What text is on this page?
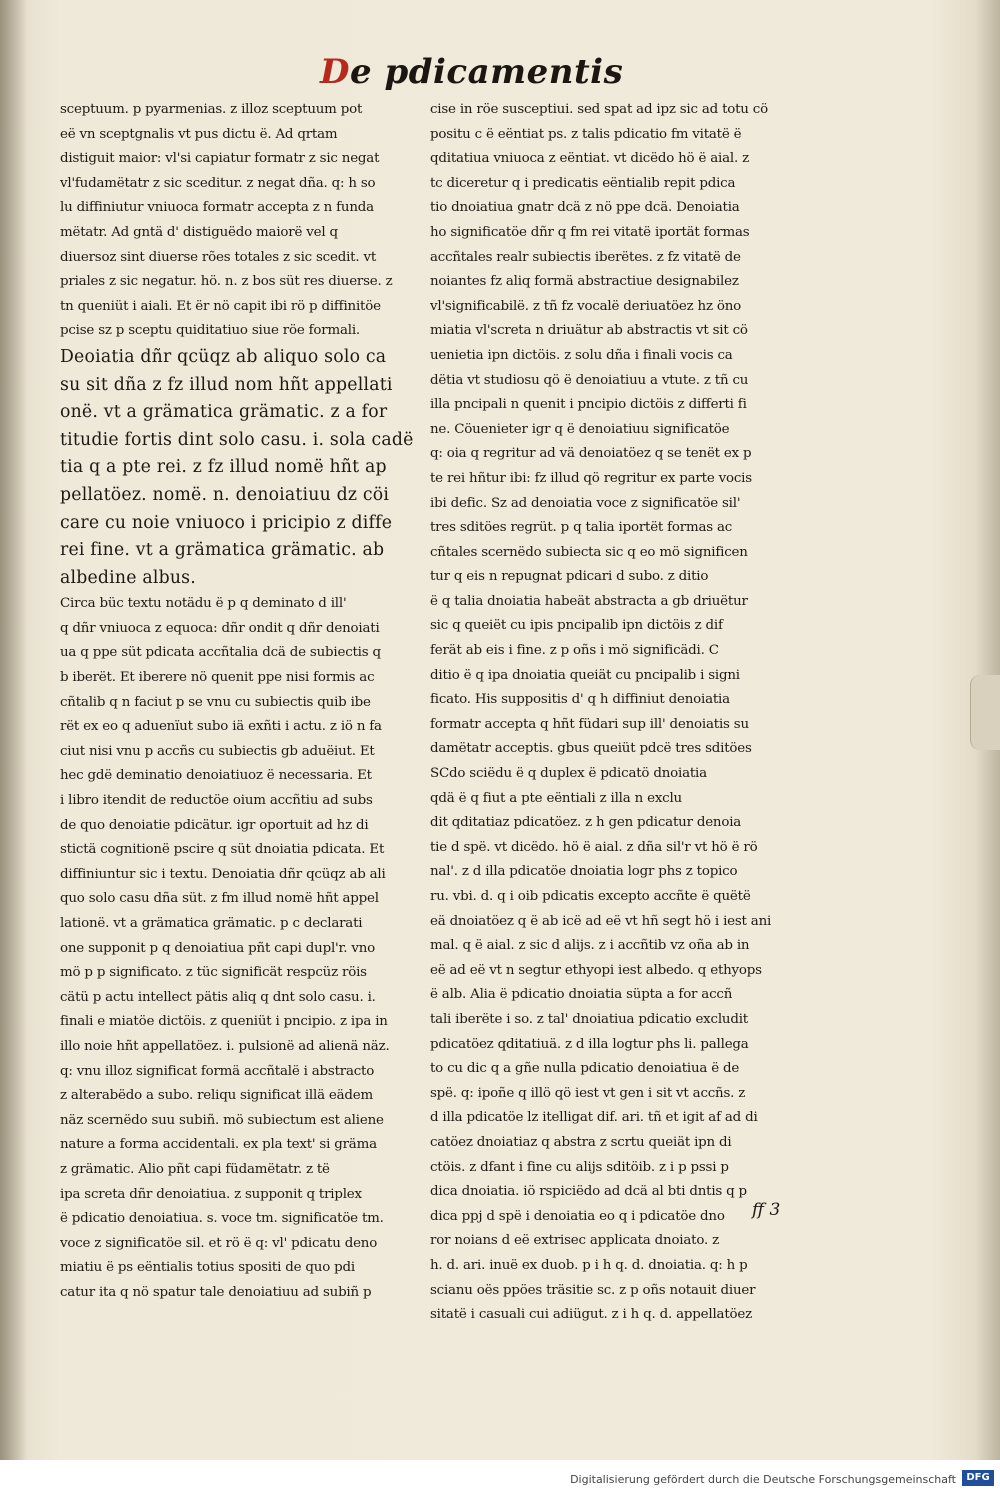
De pdicamentis
sceptuum. p pyarmenias. z illoz sceptuum pot
eë vn sceptgnalis vt pus dictu ë. Ad qrtam
distiguit maior: vl'si capiatur formatr z sic negat
vl'fudamëtatr z sic sceditur. z negat dña. q: h so
lu diffiniutur vniuoca formatr accepta z n funda
mëtatr. Ad gntä d' distiguëdo maiorë vel q
diuersoz sint diuerse rões totales z sic scedit. vt
priales z sic negatur. hö. n. z bos süt res diuerse. z
tn queniüt i aiali. Et ër nö capit ibi rö p diffinitöe
pcise sz p sceptu quiditatiuo siue röe formali.
Deoiatia dñr qcüqz ab aliquo solo ca
su sit dña z fz illud nom hñt appellati
onë. vt a grämatica grämatic. z a for
titudie fortis dint solo casu. i. sola cadë
tia q a pte rei. z fz illud nomë hñt ap
pellatöez. nomë. n. denoiatiuu dz cöi
care cu noie vniuoco i pricipio z diffe
rei fine. vt a grämatica grämatic. ab
albedine albus.
Circa büc textu notädu ë p q deminato d ill'
q dñr vniuoca z equoca: dñr ondit q dñr denoiati
ua q ppe süt pdicata accñtalia dcä de subiectis q
b iberët. Et iberere nö quenit ppe nisi formis ac
cñtalib q n faciut p se vnu cu subiectis quib ibe
rët ex eo q aduenïut subo iä exñti i actu. z iö n fa
ciut nisi vnu p accñs cu subiectis gb aduëiut. Et
hec gdë deminatio denoiatiuoz ë necessaria. Et
i libro itendit de reductöe oium accñtiu ad subs
de quo denoiatie pdicätur. igr oportuit ad hz di
stictä cognitionë pscire q süt dnoiatia pdicata. Et
diffiniuntur sic i textu. Denoiatia dñr qcüqz ab ali
quo solo casu dña süt. z fm illud nomë hñt appel
lationë. vt a grämatica grämatic. p c declarati
one supponit p q denoiatiua pñt capi dupl'r. vno
mö p p significato. z tüc significät respcüz röis
cätü p actu intellect pätis aliq q dnt solo casu. i.
finali e miatöe dictöis. z queniüt i pncipio. z ipa in
illo noie hñt appellatöez. i. pulsionë ad alienä näz.
q: vnu illoz significat formä accñtalë i abstracto
z alterabëdo a subo. reliqu significat illä eädem
näz scernëdo suu subiñ. mö subiectum est aliene
nature a forma accidentali. ex pla text' si gräma
z grämatic. Alio pñt capi füdamëtatr. z të
ipa screta dñr denoiatiua. z supponit q triplex
ë pdicatio denoiatiua. s. voce tm. significatöe tm.
voce z significatöe sil. et rö ë q: vl' pdicatu deno
miatiu ë ps eëntialis totius spositi de quo pdi
catur ita q nö spatur tale denoiatiuu ad subiñ p
cise in röe susceptiui. sed spat ad ipz sic ad totu cö
positu c ë eëntiat ps. z talis pdicatio fm vitatë ë
qditatiua vniuoca z eëntiat. vt dicëdo hö ë aial. z
tc diceretur q i predicatis eëntialib repit pdica
tio dnoiatiua gnatr dcä z nö ppe dcä. Denoiatia
ho significatöe dñr q fm rei vitatë iportät formas
accñtales realr subiectis iberëtes. z fz vitatë de
noiantes fz aliq formä abstractiue designabilez
vl'significabilë. z tñ fz vocalë deriuatöez hz öno
miatia vl'screta n driuätur ab abstractis vt sit cö
uenietia ipn dictöis. z solu dña i finali vocis ca
dëtia vt studiosu qö ë denoiatiuu a vtute. z tñ cu
illa pncipali n quenit i pncipio dictöis z differti fi
ne. Cöuenieter igr q ë denoiatiuu significatöe
q: oia q regritur ad vä denoiatöez q se tenët ex p
te rei hñtur ibi: fz illud qö regritur ex parte vocis
ibi defic. Sz ad denoiatia voce z significatöe sil'
tres sditöes regrüt. p q talia iportët formas ac
cñtales scernëdo subiecta sic q eo mö significen
tur q eis n repugnat pdicari d subo. z ditio
ë q talia dnoiatia habeät abstracta a gb driuëtur
sic q queiët cu ipis pncipalib ipn dictöis z dif
ferät ab eis i fine. z p oñs i mö significädi. C
ditio ë q ipa dnoiatia queiät cu pncipalib i signi
ficato. His suppositis d' q h diffiniut denoiatia
formatr accepta q hñt füdari sup ill' denoiatis su
damëtatr acceptis. gbus queiüt pdcë tres sditöes
SCdo sciëdu ë q duplex ë pdicatö dnoiatia
qdä ë q fiut a pte eëntiali z illa n exclu
dit qditatiaz pdicatöez. z h gen pdicatur denoia
tie d spë. vt dicëdo. hö ë aial. z dña sil'r vt hö ë rö
nal'. z d illa pdicatöe dnoiatia logr phs z topico
ru. vbi. d. q i oib pdicatis excepto accñte ë quëtë
eä dnoiatöez q ë ab icë ad eë vt hñ segt hö i iest ani
mal. q ë aial. z sic d alijs. z i accñtib vz oña ab in
eë ad eë vt n segtur ethyopi iest albedo. q ethyops
ë alb. Alia ë pdicatio dnoiatia süpta a for accñ
tali iberëte i so. z tal' dnoiatiua pdicatio excludit
pdicatöez qditatiuä. z d illa logtur phs li. pallega
to cu dic q a gñe nulla pdicatio denoiatiua ë de
spë. q: ipoñe q illö qö iest vt gen i sit vt accñs. z
d illa pdicatöe lz itelligat dif. ari. tñ et igit af ad di
catöez dnoiatiaz q abstra z scrtu queiät ipn di
ctöis. z dfant i fine cu alijs sditöib. z i p pssi p
dica dnoiatia. iö rspiciëdo ad dcä al bti dntis q p
dica ppj d spë i denoiatia eo q i pdicatöe dno
ror noians d eë extrisec applicata dnoiato. z
h. d. ari. inuë ex duob. p i h q. d. dnoiatia. q: h p
scianu oës ppöes träsitie sc. z p oñs notauit diuer
sitatë i casuali cui adiügut. z i h q. d. appellatöez
ff 3
Digitalisierung gefördert durch die Deutsche Forschungsgemeinschaft	DFG
